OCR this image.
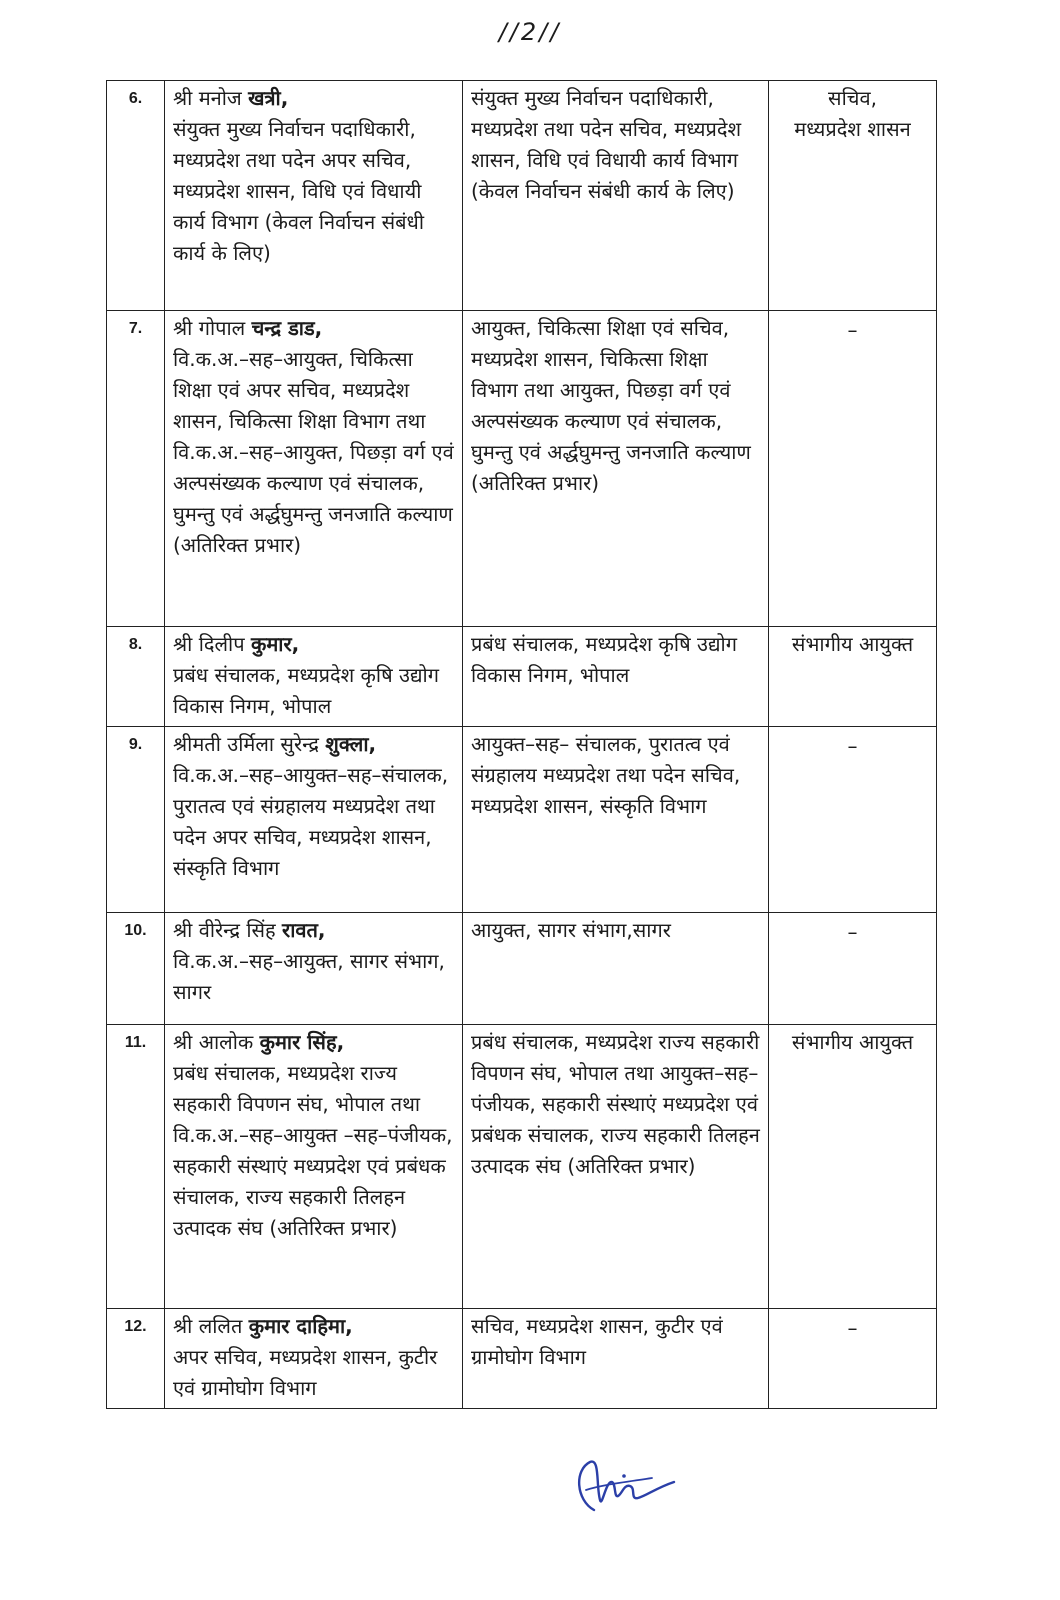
//2//
6.	श्री मनोज खत्री,
संयुक्त मुख्य निर्वाचन पदाधिकारी, मध्यप्रदेश तथा पदेन अपर सचिव, मध्यप्रदेश शासन, विधि एवं विधायी कार्य विभाग (केवल निर्वाचन संबंधी कार्य के लिए)	संयुक्त मुख्य निर्वाचन पदाधिकारी, मध्यप्रदेश तथा पदेन सचिव, मध्यप्रदेश शासन, विधि एवं विधायी कार्य विभाग (केवल निर्वाचन संबंधी कार्य के लिए)	सचिव,
मध्यप्रदेश शासन

7.	श्री गोपाल चन्द्र डाड,
वि.क.अ.–सह–आयुक्त, चिकित्सा शिक्षा एवं अपर सचिव, मध्यप्रदेश शासन, चिकित्सा शिक्षा विभाग तथा वि.क.अ.–सह–आयुक्त, पिछड़ा वर्ग एवं अल्पसंख्यक कल्याण एवं संचालक, घुमन्तु एवं अर्द्धघुमन्तु जनजाति कल्याण (अतिरिक्त प्रभार)	आयुक्त, चिकित्सा शिक्षा एवं सचिव, मध्यप्रदेश शासन, चिकित्सा शिक्षा विभाग तथा आयुक्त, पिछड़ा वर्ग एवं अल्पसंख्यक कल्याण एवं संचालक, घुमन्तु एवं अर्द्धघुमन्तु जनजाति कल्याण (अतिरिक्त प्रभार)	–
8.	श्री दिलीप कुमार,
प्रबंध संचालक, मध्यप्रदेश कृषि उद्योग विकास निगम, भोपाल	प्रबंध संचालक, मध्यप्रदेश कृषि उद्योग विकास निगम, भोपाल	संभागीय आयुक्त

9.	श्रीमती उर्मिला सुरेन्द्र शुक्ला,
वि.क.अ.–सह–आयुक्त–सह–संचालक, पुरातत्व एवं संग्रहालय मध्यप्रदेश तथा पदेन अपर सचिव, मध्यप्रदेश शासन, संस्कृति विभाग	आयुक्त–सह– संचालक, पुरातत्व एवं संग्रहालय मध्यप्रदेश तथा पदेन सचिव, मध्यप्रदेश शासन, संस्कृति विभाग	–
10.	श्री वीरेन्द्र सिंह रावत,
वि.क.अ.–सह–आयुक्त, सागर संभाग, सागर	आयुक्त, सागर संभाग,सागर	–
11.	श्री आलोक कुमार सिंह,
प्रबंध संचालक, मध्यप्रदेश राज्य सहकारी विपणन संघ, भोपाल तथा वि.क.अ.–सह–आयुक्त –सह–पंजीयक, सहकारी संस्थाएं मध्यप्रदेश एवं प्रबंधक संचालक, राज्य सहकारी तिलहन उत्पादक संघ (अतिरिक्त प्रभार)	प्रबंध संचालक, मध्यप्रदेश राज्य सहकारी विपणन संघ, भोपाल तथा आयुक्त–सह– पंजीयक, सहकारी संस्थाएं मध्यप्रदेश एवं प्रबंधक संचालक, राज्य सहकारी तिलहन उत्पादक संघ (अतिरिक्त प्रभार)	संभागीय आयुक्त

12.	श्री ललित कुमार दाहिमा,
अपर सचिव, मध्यप्रदेश शासन, कुटीर एवं ग्रामोघोग विभाग	सचिव, मध्यप्रदेश शासन, कुटीर एवं ग्रामोघोग विभाग	–
